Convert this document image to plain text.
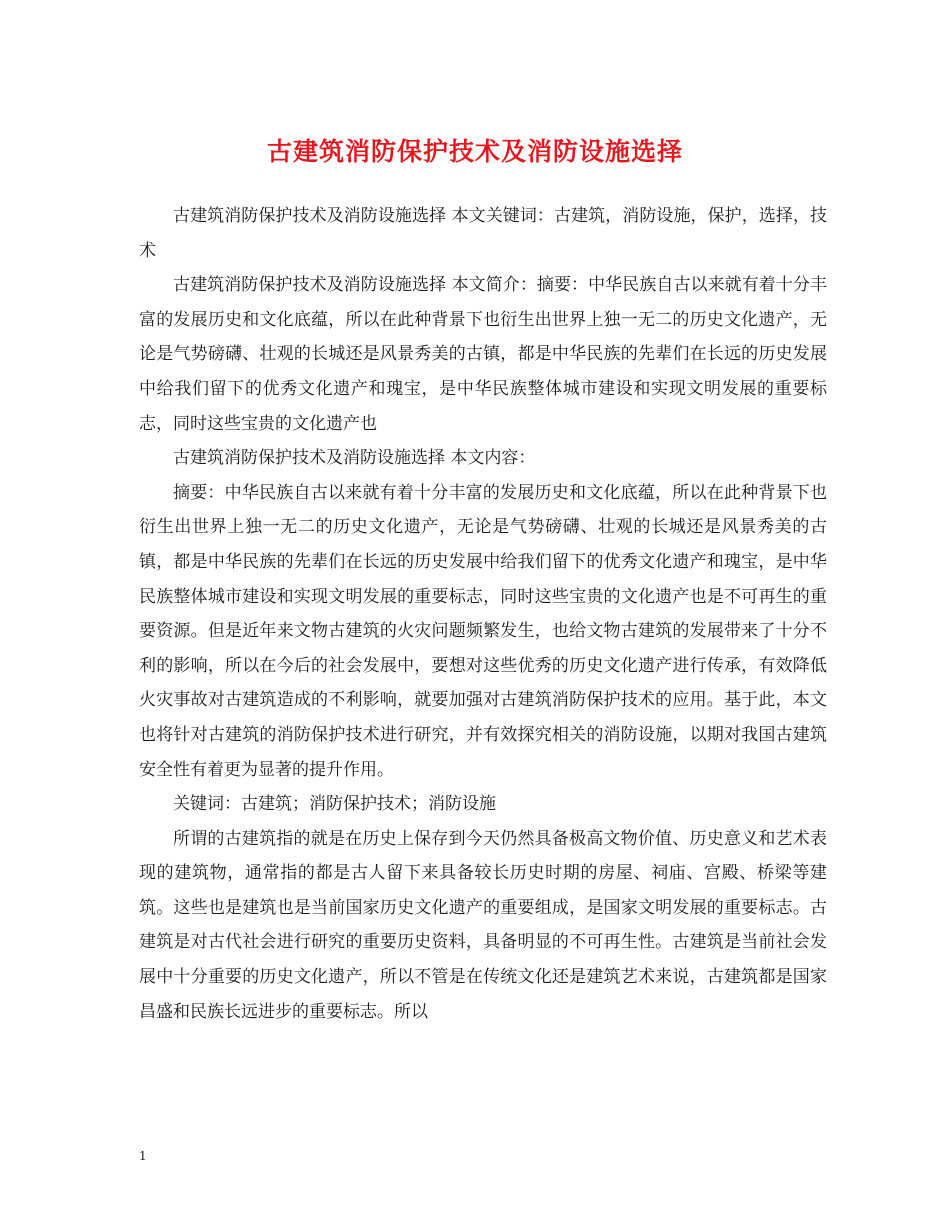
古建筑消防保护技术及消防设施选择

古建筑消防保护技术及消防设施选择 本文关键词：古建筑，消防设施，保护，选择，技术

古建筑消防保护技术及消防设施选择 本文简介：摘要：中华民族自古以来就有着十分丰富的发展历史和文化底蕴，所以在此种背景下也衍生出世界上独一无二的历史文化遗产，无论是气势磅礴、壮观的长城还是风景秀美的古镇，都是中华民族的先辈们在长远的历史发展中给我们留下的优秀文化遗产和瑰宝，是中华民族整体城市建设和实现文明发展的重要标志，同时这些宝贵的文化遗产也

古建筑消防保护技术及消防设施选择 本文内容：

摘要：中华民族自古以来就有着十分丰富的发展历史和文化底蕴，所以在此种背景下也衍生出世界上独一无二的历史文化遗产，无论是气势磅礴、壮观的长城还是风景秀美的古镇，都是中华民族的先辈们在长远的历史发展中给我们留下的优秀文化遗产和瑰宝，是中华民族整体城市建设和实现文明发展的重要标志，同时这些宝贵的文化遗产也是不可再生的重要资源。但是近年来文物古建筑的火灾问题频繁发生，也给文物古建筑的发展带来了十分不利的影响，所以在今后的社会发展中，要想对这些优秀的历史文化遗产进行传承，有效降低火灾事故对古建筑造成的不利影响，就要加强对古建筑消防保护技术的应用。基于此，本文也将针对古建筑的消防保护技术进行研究，并有效探究相关的消防设施，以期对我国古建筑安全性有着更为显著的提升作用。

关键词：古建筑；消防保护技术；消防设施

所谓的古建筑指的就是在历史上保存到今天仍然具备极高文物价值、历史意义和艺术表现的建筑物，通常指的都是古人留下来具备较长历史时期的房屋、祠庙、宫殿、桥梁等建筑。这些也是建筑也是当前国家历史文化遗产的重要组成，是国家文明发展的重要标志。古建筑是对古代社会进行研究的重要历史资料，具备明显的不可再生性。古建筑是当前社会发展中十分重要的历史文化遗产，所以不管是在传统文化还是建筑艺术来说，古建筑都是国家昌盛和民族长远进步的重要标志。所以

1
